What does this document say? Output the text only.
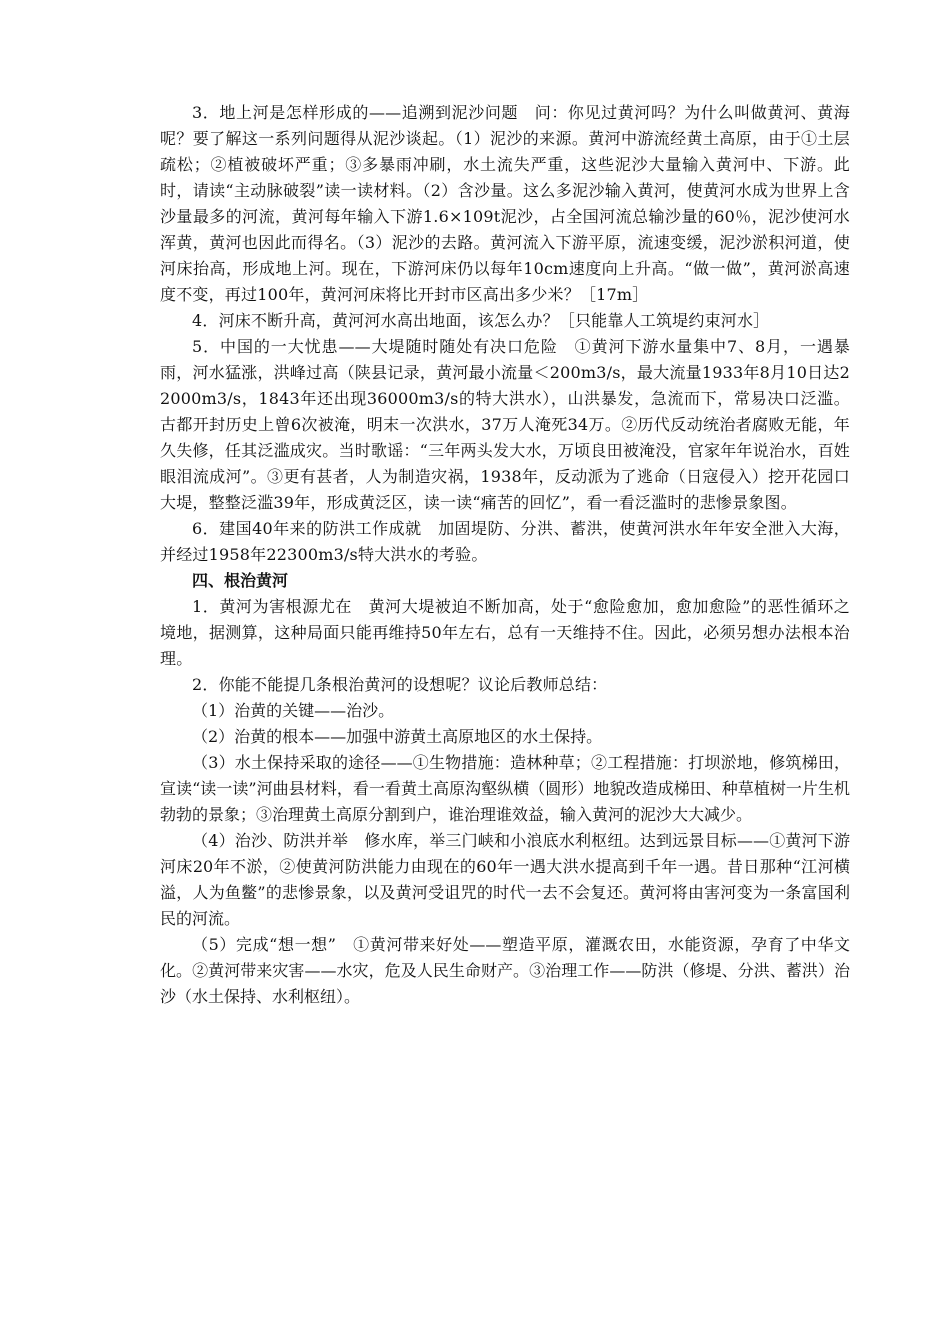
3．地上河是怎样形成的——追溯到泥沙问题　问：你见过黄河吗？为什么叫做黄河、黄海呢？要了解这一系列问题得从泥沙谈起。（1）泥沙的来源。黄河中游流经黄土高原，由于①土层疏松；②植被破坏严重；③多暴雨冲刷，水土流失严重，这些泥沙大量输入黄河中、下游。此时，请读“主动脉破裂”读一读材料。（2）含沙量。这么多泥沙输入黄河，使黄河水成为世界上含沙量最多的河流，黄河每年输入下游1.6×109t泥沙，占全国河流总输沙量的60％，泥沙使河水浑黄，黄河也因此而得名。（3）泥沙的去路。黄河流入下游平原，流速变缓，泥沙淤积河道，使河床抬高，形成地上河。现在，下游河床仍以每年10cm速度向上升高。“做一做”，黄河淤高速度不变，再过100年，黄河河床将比开封市区高出多少米？［17m］

4．河床不断升高，黄河河水高出地面，该怎么办？［只能靠人工筑堤约束河水］

5．中国的一大忧患——大堤随时随处有决口危险　①黄河下游水量集中7、8月，一遇暴雨，河水猛涨，洪峰过高（陕县记录，黄河最小流量＜200m3/s，最大流量1933年8月10日达22000m3/s，1843年还出现36000m3/s的特大洪水），山洪暴发，急流而下，常易决口泛滥。古都开封历史上曾6次被淹，明末一次洪水，37万人淹死34万。②历代反动统治者腐败无能，年久失修，任其泛滥成灾。当时歌谣：“三年两头发大水，万顷良田被淹没，官家年年说治水，百姓眼泪流成河”。③更有甚者，人为制造灾祸，1938年，反动派为了逃命（日寇侵入）挖开花园口大堤，整整泛滥39年，形成黄泛区，读一读“痛苦的回忆”，看一看泛滥时的悲惨景象图。

6．建国40年来的防洪工作成就　加固堤防、分洪、蓄洪，使黄河洪水年年安全泄入大海，并经过1958年22300m3/s特大洪水的考验。

四、根治黄河

1．黄河为害根源尤在　黄河大堤被迫不断加高，处于“愈险愈加，愈加愈险”的恶性循环之境地，据测算，这种局面只能再维持50年左右，总有一天维持不住。因此，必须另想办法根本治理。

2．你能不能提几条根治黄河的设想呢？议论后教师总结：

（1）治黄的关键——治沙。

（2）治黄的根本——加强中游黄土高原地区的水土保持。

（3）水土保持采取的途径——①生物措施：造林种草；②工程措施：打坝淤地，修筑梯田，宣读“读一读”河曲县材料，看一看黄土高原沟壑纵横（圆形）地貌改造成梯田、种草植树一片生机勃勃的景象；③治理黄土高原分割到户，谁治理谁效益，输入黄河的泥沙大大减少。

（4）治沙、防洪并举　修水库，举三门峡和小浪底水利枢纽。达到远景目标——①黄河下游河床20年不淤，②使黄河防洪能力由现在的60年一遇大洪水提高到千年一遇。昔日那种“江河横溢，人为鱼鳖”的悲惨景象，以及黄河受诅咒的时代一去不会复还。黄河将由害河变为一条富国利民的河流。

（5）完成“想一想”　①黄河带来好处——塑造平原，灌溉农田，水能资源，孕育了中华文化。②黄河带来灾害——水灾，危及人民生命财产。③治理工作——防洪（修堤、分洪、蓄洪）治沙（水土保持、水利枢纽）。
